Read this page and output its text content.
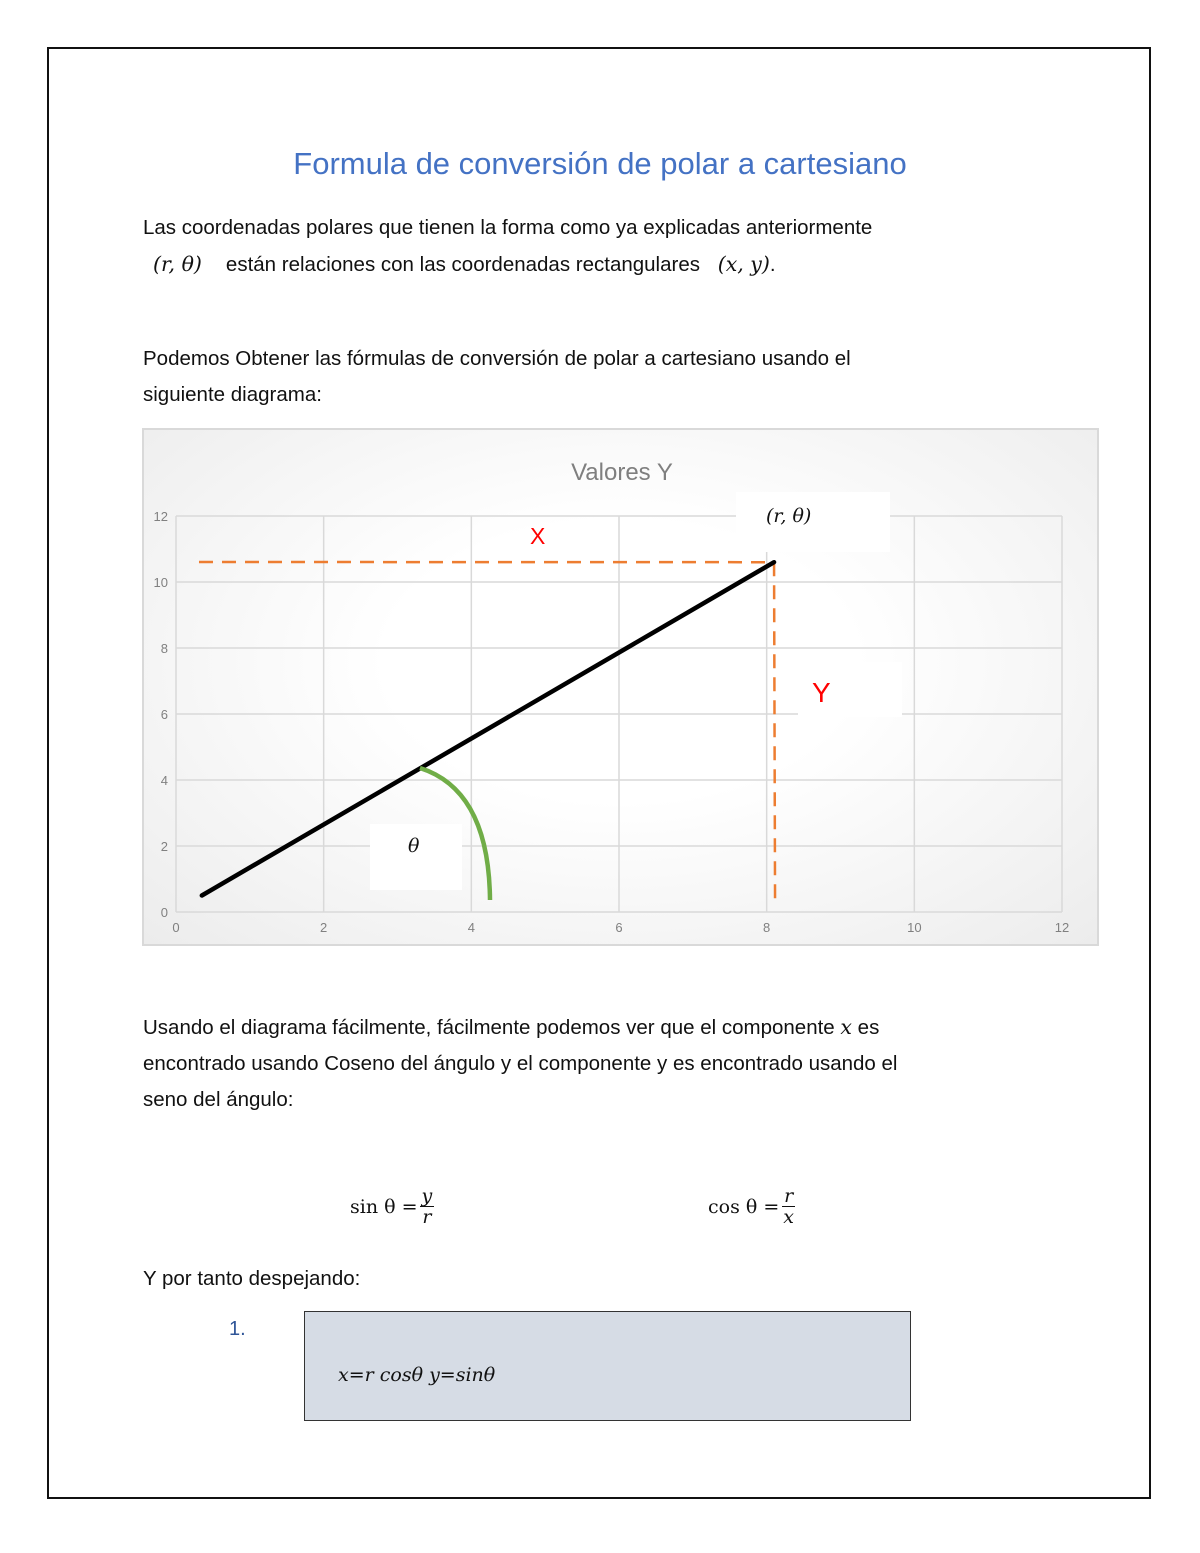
Formula de conversión de polar a cartesiano

Las coordenadas polares que tienen la forma como ya explicadas anteriormente
(r, θ) están relaciones con las coordenadas rectangulares (x, y).

Podemos Obtener las fórmulas de conversión de polar a cartesiano usando el
siguiente diagrama:

Valores Y
0
2
4
6
8
10
12
0	2	4	6	8	10	12
θ
(r, θ)
X
Y

Usando el diagrama fácilmente, fácilmente podemos ver que el componente x es
encontrado usando Coseno del ángulo y el componente y es encontrado usando el
seno del ángulo:

$\sin \theta = \frac{y}{r}$	$\cos \theta = \frac{r}{x}$

Y por tanto despejando:

1.
x=r cosθ y=sinθ
